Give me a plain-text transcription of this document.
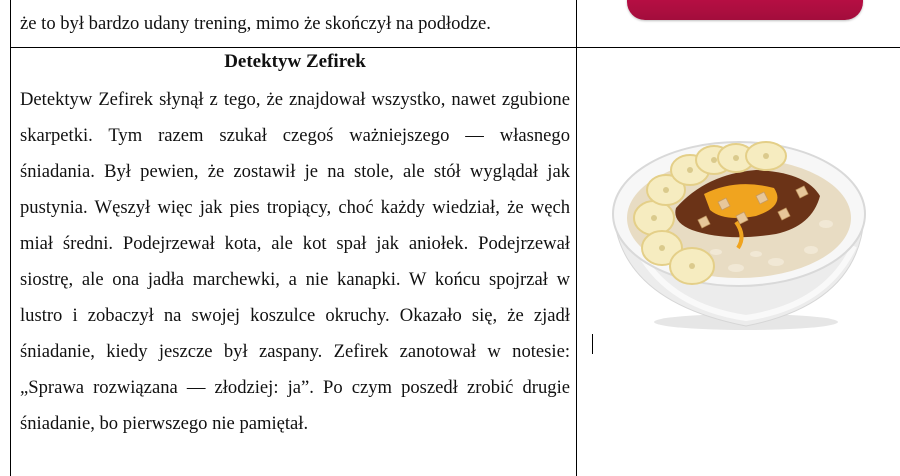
że to był bardzo udany trening, mimo że skończył na podłodze.
Detektyw Zefirek
Detektyw Zefirek słynął z tego, że znajdował wszystko, nawet zgubione skarpetki. Tym razem szukał czegoś ważniejszego — własnego śniadania. Był pewien, że zostawił je na stole, ale stół wyglądał jak pustynia. Węszył więc jak pies tropiący, choć każdy wiedział, że węch miał średni. Podejrzewał kota, ale kot spał jak aniołek. Podejrzewał siostrę, ale ona jadła marchewki, a nie kanapki. W końcu spojrzał w lustro i zobaczył na swojej koszulce okruchy. Okazało się, że zjadł śniadanie, kiedy jeszcze był zaspany. Zefirek zanotował w notesie: „Sprawa rozwiązana — złodziej: ja”. Po czym poszedł zrobić drugie śniadanie, bo pierwszego nie pamiętał.
